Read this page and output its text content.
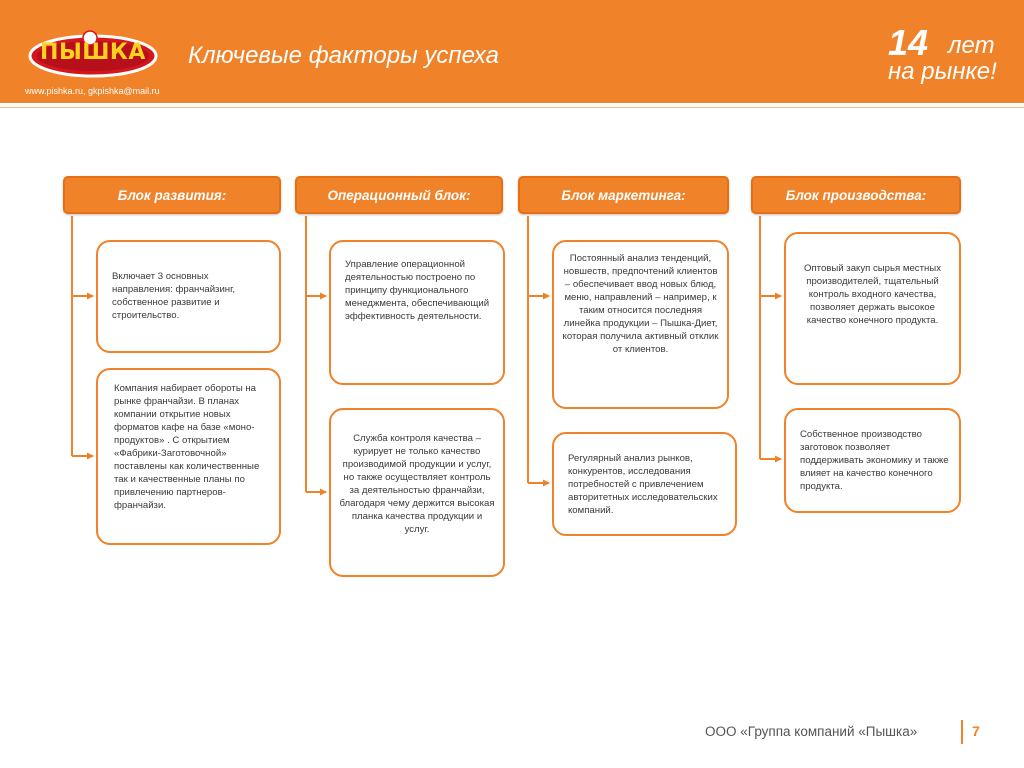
ПЫШКА
www.pishka.ru, gkpishka@mail.ru
Ключевые факторы успеха	14 лет
на рынке!
Блок развития:
Включает 3 основных направления: франчайзинг, собственное развитие и строительство.
Компания набирает обороты на рынке франчайзи. В планах компании открытие новых форматов кафе на базе «моно-продуктов» . С открытием «Фабрики-Заготовочной» поставлены как количественные так и качественные планы по привлечению партнеров-франчайзи.
Операционный блок:
Управление операционной деятельностью построено по принципу функционального менеджмента, обеспечивающий эффективность деятельности.
Служба контроля качества – курирует не только качество производимой продукции и услуг, но также осуществляет контроль за деятельностью франчайзи, благодаря чему держится высокая планка качества продукции и услуг.
Блок маркетинга:
Постоянный анализ тенденций, новшеств, предпочтений клиентов – обеспечивает ввод новых блюд, меню, направлений – например, к таким относится последняя линейка продукции – Пышка-Диет, которая получила активный отклик от клиентов.
Регулярный анализ рынков, конкурентов, исследования потребностей с привлечением авторитетных исследовательских компаний.
Блок производства:
Оптовый закуп сырья местных производителей, тщательный контроль входного качества, позволяет держать высокое качество конечного продукта.
Собственное производство заготовок позволяет поддерживать экономику и также влияет на качество конечного продукта.
ООО «Группа компаний «Пышка»	7
